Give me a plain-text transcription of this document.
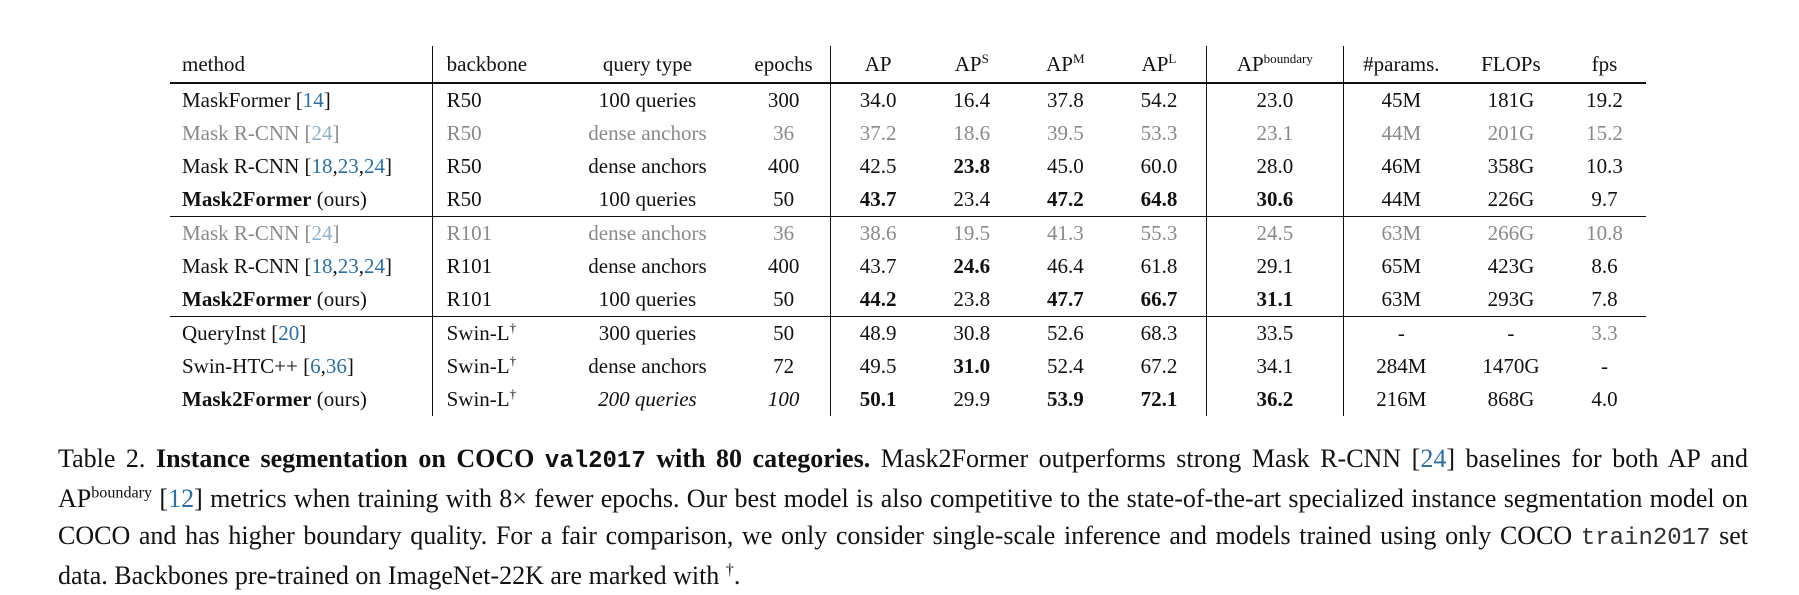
method	backbone	query type	epochs	AP	$AP^S$	$AP^M$	$AP^L$	$AP^{boundary}$	#params.	FLOPs	fps
MaskFormer [14]	R50	100 queries	300	34.0	16.4	37.8	54.2	23.0	45M	181G	19.2
Mask R-CNN [24]	R50	dense anchors	36	37.2	18.6	39.5	53.3	23.1	44M	201G	15.2
Mask R-CNN [18,23,24]	R50	dense anchors	400	42.5	23.8	45.0	60.0	28.0	46M	358G	10.3
Mask2Former (ours)	R50	100 queries	50	43.7	23.4	47.2	64.8	30.6	44M	226G	9.7
Mask R-CNN [24]	R101	dense anchors	36	38.6	19.5	41.3	55.3	24.5	63M	266G	10.8
Mask R-CNN [18,23,24]	R101	dense anchors	400	43.7	24.6	46.4	61.8	29.1	65M	423G	8.6
Mask2Former (ours)	R101	100 queries	50	44.2	23.8	47.7	66.7	31.1	63M	293G	7.8
QueryInst [20]	Swin-L†	300 queries	50	48.9	30.8	52.6	68.3	33.5	-	-	3.3
Swin-HTC++ [6,36]	Swin-L†	dense anchors	72	49.5	31.0	52.4	67.2	34.1	284M	1470G	-
Mask2Former (ours)	Swin-L†	200 queries	100	50.1	29.9	53.9	72.1	36.2	216M	868G	4.0
Table 2. Instance segmentation on COCO val2017 with 80 categories. Mask2Former outperforms strong Mask R-CNN [24] baselines for both AP and $AP^{boundary}$ [12] metrics when training with 8× fewer epochs. Our best model is also competitive to the state-of-the-art specialized instance segmentation model on COCO and has higher boundary quality. For a fair comparison, we only consider single-scale inference and models trained using only COCO train2017 set data. Backbones pre-trained on ImageNet-22K are marked with †.
